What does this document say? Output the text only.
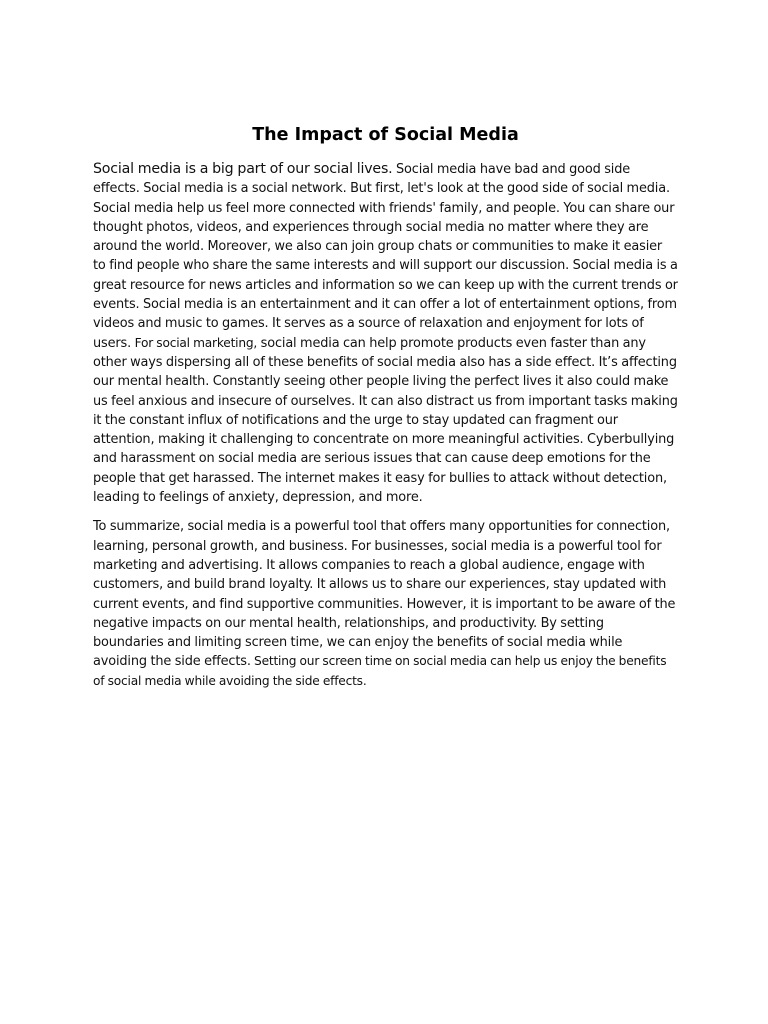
The Impact of Social Media

Social media is a big part of our social lives. Social media have bad and good side effects. Social media is a social network. But first, let's look at the good side of social media. Social media help us feel more connected with friends' family, and people. You can share our thought photos, videos, and experiences through social media no matter where they are around the world. Moreover, we also can join group chats or communities to make it easier to find people who share the same interests and will support our discussion. Social media is a great resource for news articles and information so we can keep up with the current trends or events. Social media is an entertainment and it can offer a lot of entertainment options, from videos and music to games. It serves as a source of relaxation and enjoyment for lots of users. For social marketing, social media can help promote products even faster than any other ways dispersing all of these benefits of social media also has a side effect. It’s affecting our mental health. Constantly seeing other people living the perfect lives it also could make us feel anxious and insecure of ourselves. It can also distract us from important tasks making it the constant influx of notifications and the urge to stay updated can fragment our attention, making it challenging to concentrate on more meaningful activities. Cyberbullying and harassment on social media are serious issues that can cause deep emotions for the people that get harassed. The internet makes it easy for bullies to attack without detection, leading to feelings of anxiety, depression, and more.

To summarize, social media is a powerful tool that offers many opportunities for connection, learning, personal growth, and business. For businesses, social media is a powerful tool for marketing and advertising. It allows companies to reach a global audience, engage with customers, and build brand loyalty. It allows us to share our experiences, stay updated with current events, and find supportive communities. However, it is important to be aware of the negative impacts on our mental health, relationships, and productivity. By setting boundaries and limiting screen time, we can enjoy the benefits of social media while avoiding the side effects. Setting our screen time on social media can help us enjoy the benefits of social media while avoiding the side effects.
